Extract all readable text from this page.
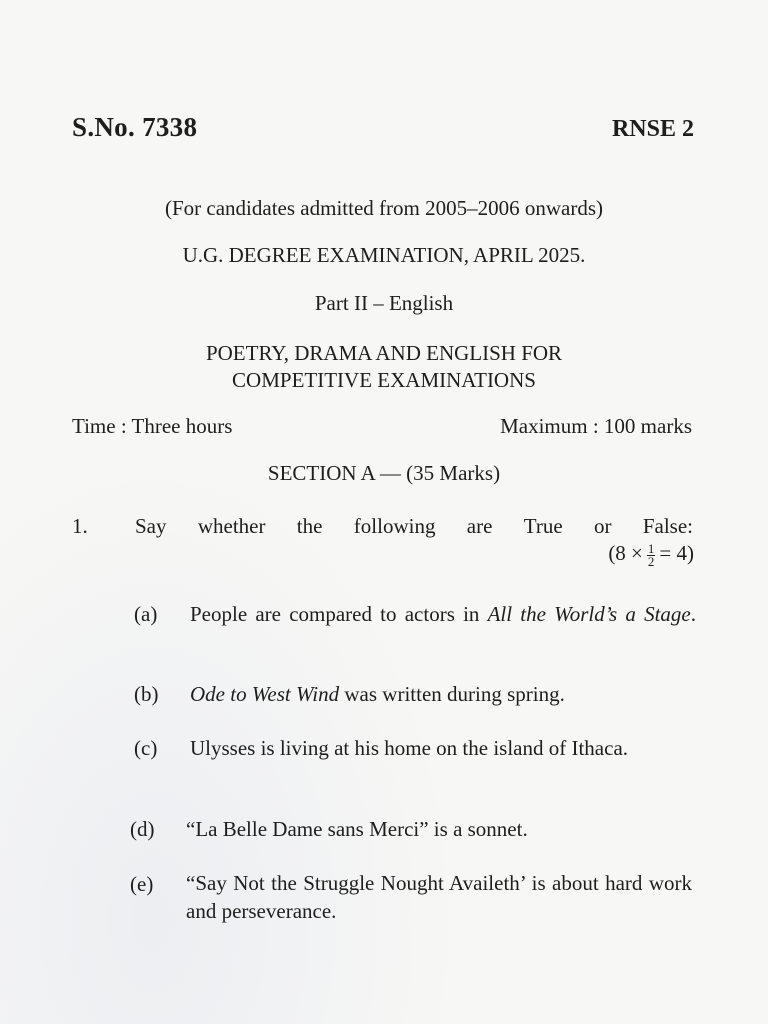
S.No. 7338	RNSE 2
(For candidates admitted from 2005–2006 onwards)
U.G. DEGREE EXAMINATION, APRIL 2025.
Part II – English
POETRY, DRAMA AND ENGLISH FOR
COMPETITIVE EXAMINATIONS
Time : Three hours	Maximum : 100 marks
SECTION A — (35 Marks)
1. Say whether the following are True or False:
$(8 \times \frac{1}{2} = 4)$
(a) People are compared to actors in All the World’s a Stage.
(b) Ode to West Wind was written during spring.
(c) Ulysses is living at his home on the island of Ithaca.
(d) “La Belle Dame sans Merci” is a sonnet.
(e) “Say Not the Struggle Nought Availeth’ is about hard work and perseverance.
